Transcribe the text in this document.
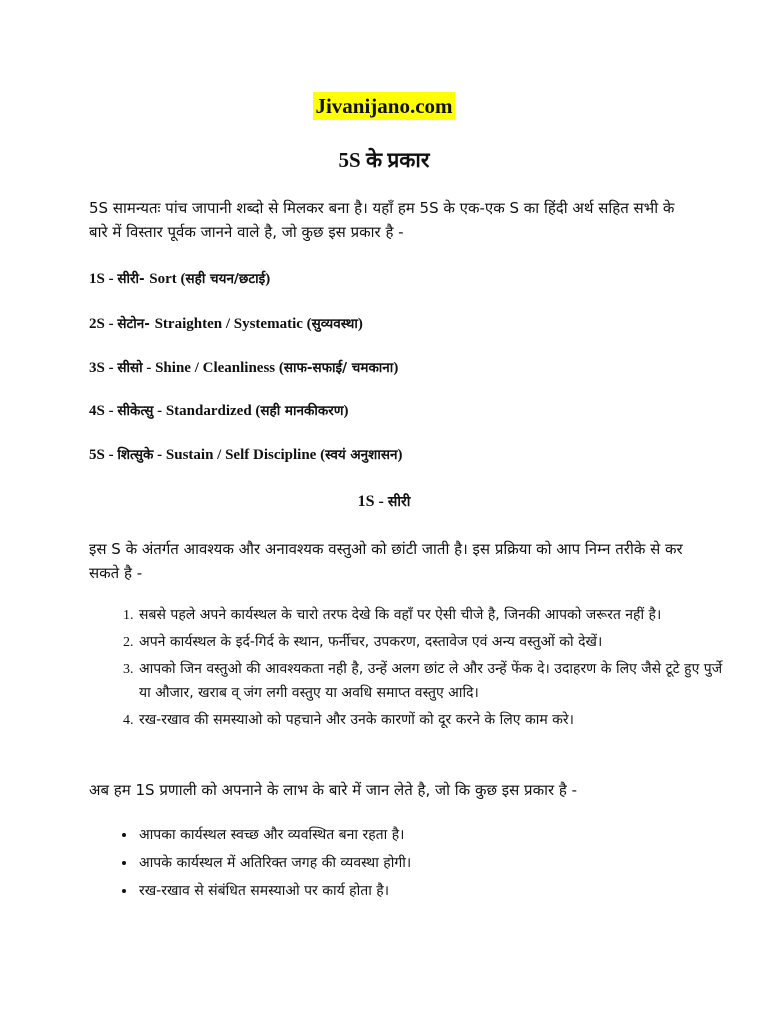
Jivanijano.com
5S के प्रकार

5S सामन्यतः पांच जापानी शब्दो से मिलकर बना है। यहाँ हम 5S के एक-एक S का हिंदी अर्थ सहित सभी के बारे में विस्तार पूर्वक जानने वाले है, जो कुछ इस प्रकार है -

1S - सीरी- Sort (सही चयन/छटाई)

2S - सेटोन- Straighten / Systematic (सुव्यवस्था)

3S - सीसो - Shine / Cleanliness (साफ-सफाई/ चमकाना)

4S - सीकेत्सु - Standardized (सही मानकीकरण)

5S - शित्सुके - Sustain / Self Discipline (स्वयं अनुशासन)

1S - सीरी

इस S के अंतर्गत आवश्यक और अनावश्यक वस्तुओ को छांटी जाती है। इस प्रक्रिया को आप निम्न तरीके से कर सकते है -

1. सबसे पहले अपने कार्यस्थल के चारो तरफ देखे कि वहाँ पर ऐसी चीजे है, जिनकी आपको जरूरत नहीं है।
2. अपने कार्यस्थल के इर्द-गिर्द के स्थान, फर्नीचर, उपकरण, दस्तावेज एवं अन्य वस्तुओं को देखें।
3. आपको जिन वस्तुओ की आवश्यकता नही है, उन्हें अलग छांट ले और उन्हें फेंक दे। उदाहरण के लिए जैसे टूटे हुए पुर्जे या औजार, खराब व् जंग लगी वस्तुए या अवधि समाप्त वस्तुए आदि।
4. रख-रखाव की समस्याओ को पहचाने और उनके कारणों को दूर करने के लिए काम करे।

अब हम 1S प्रणाली को अपनाने के लाभ के बारे में जान लेते है, जो कि कुछ इस प्रकार है -

• आपका कार्यस्थल स्वच्छ और व्यवस्थित बना रहता है।
• आपके कार्यस्थल में अतिरिक्त जगह की व्यवस्था होगी।
• रख-रखाव से संबंधित समस्याओ पर कार्य होता है।
